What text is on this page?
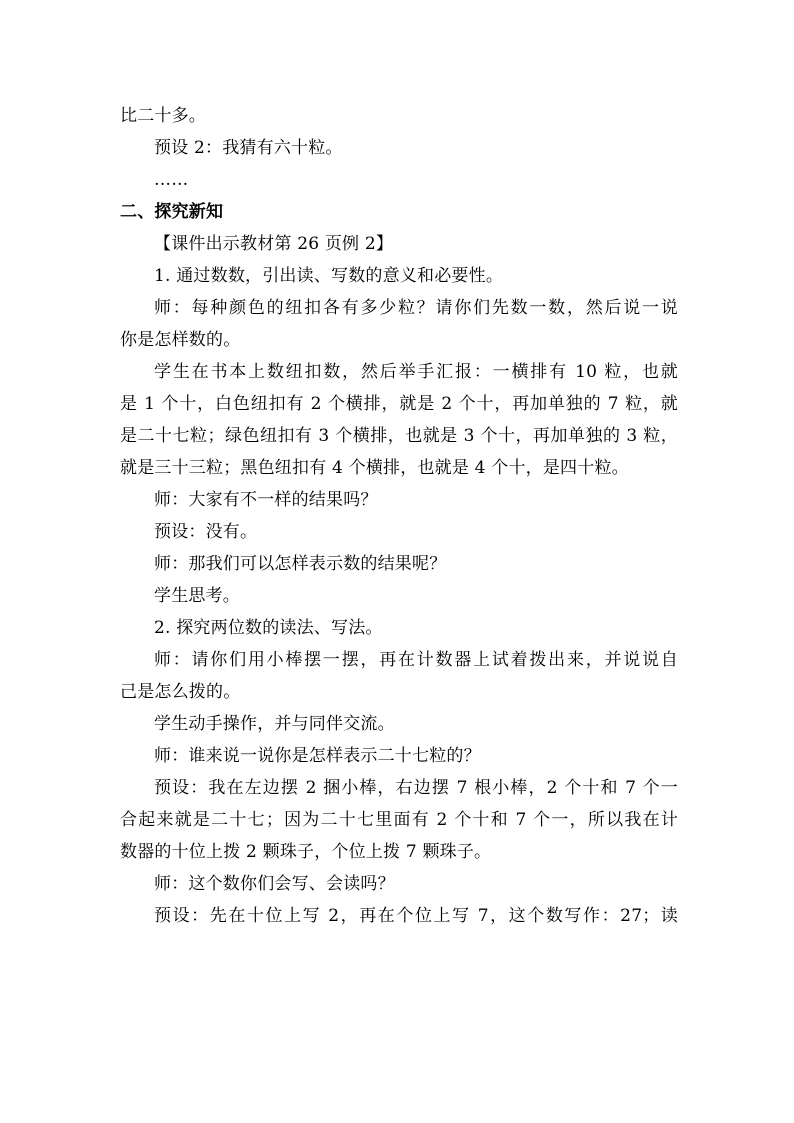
比二十多。
预设 2：我猜有六十粒。
……
二、探究新知
【课件出示教材第 26 页例 2】
1. 通过数数，引出读、写数的意义和必要性。
师：每种颜色的纽扣各有多少粒？请你们先数一数，然后说一说
你是怎样数的。
学生在书本上数纽扣数，然后举手汇报：一横排有 10 粒，也就
是 1 个十，白色纽扣有 2 个横排，就是 2 个十，再加单独的 7 粒，就
是二十七粒；绿色纽扣有 3 个横排，也就是 3 个十，再加单独的 3 粒，
就是三十三粒；黑色纽扣有 4 个横排，也就是 4 个十，是四十粒。
师：大家有不一样的结果吗？
预设：没有。
师：那我们可以怎样表示数的结果呢？
学生思考。
2. 探究两位数的读法、写法。
师：请你们用小棒摆一摆，再在计数器上试着拨出来，并说说自
己是怎么拨的。
学生动手操作，并与同伴交流。
师：谁来说一说你是怎样表示二十七粒的？
预设：我在左边摆 2 捆小棒，右边摆 7 根小棒，2 个十和 7 个一
合起来就是二十七；因为二十七里面有 2 个十和 7 个一，所以我在计
数器的十位上拨 2 颗珠子，个位上拨 7 颗珠子。
师：这个数你们会写、会读吗？
预设：先在十位上写 2，再在个位上写 7，这个数写作：27；读
